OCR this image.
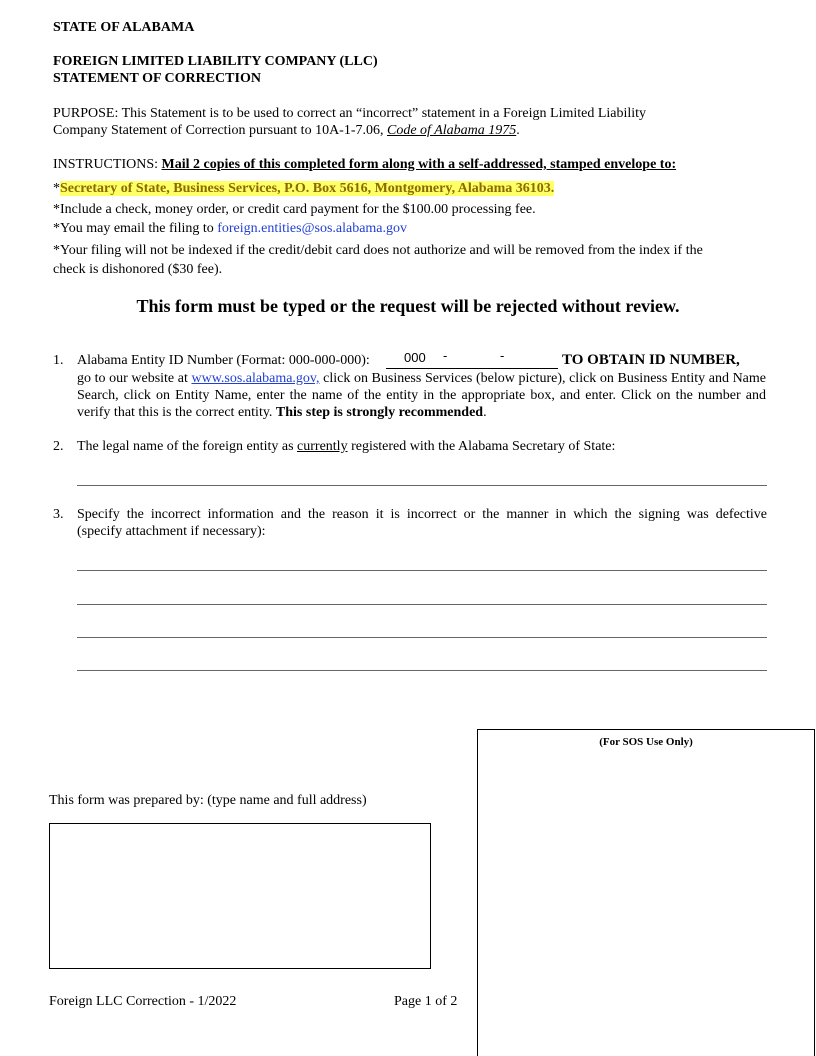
STATE OF ALABAMA
FOREIGN LIMITED LIABILITY COMPANY (LLC)
STATEMENT OF CORRECTION
PURPOSE: This Statement is to be used to correct an “incorrect” statement in a Foreign Limited Liability
Company Statement of Correction pursuant to 10A-1-7.06, Code of Alabama 1975.
INSTRUCTIONS: Mail 2 copies of this completed form along with a self-addressed, stamped envelope to:
*Secretary of State, Business Services, P.O. Box 5616, Montgomery, Alabama 36103.
*Include a check, money order, or credit card payment for the $100.00 processing fee.
*You may email the filing to foreign.entities@sos.alabama.gov
*Your filing will not be indexed if the credit/debit card does not authorize and will be removed from the index if the
check is dishonored ($30 fee).
This form must be typed or the request will be rejected without review.
1. Alabama Entity ID Number (Format: 000-000-000):	000 -	-	TO OBTAIN ID NUMBER,
go to our website at www.sos.alabama.gov, click on Business Services (below picture), click on Business Entity and Name Search, click on Entity Name, enter the name of the entity in the appropriate box, and enter. Click on the number and verify that this is the correct entity. This step is strongly recommended.
2. The legal name of the foreign entity as currently registered with the Alabama Secretary of State:
3. Specify the incorrect information and the reason it is incorrect or the manner in which the signing was defective
(specify attachment if necessary):
(For SOS Use Only)
This form was prepared by: (type name and full address)
Foreign LLC Correction - 1/2022	Page 1 of 2
